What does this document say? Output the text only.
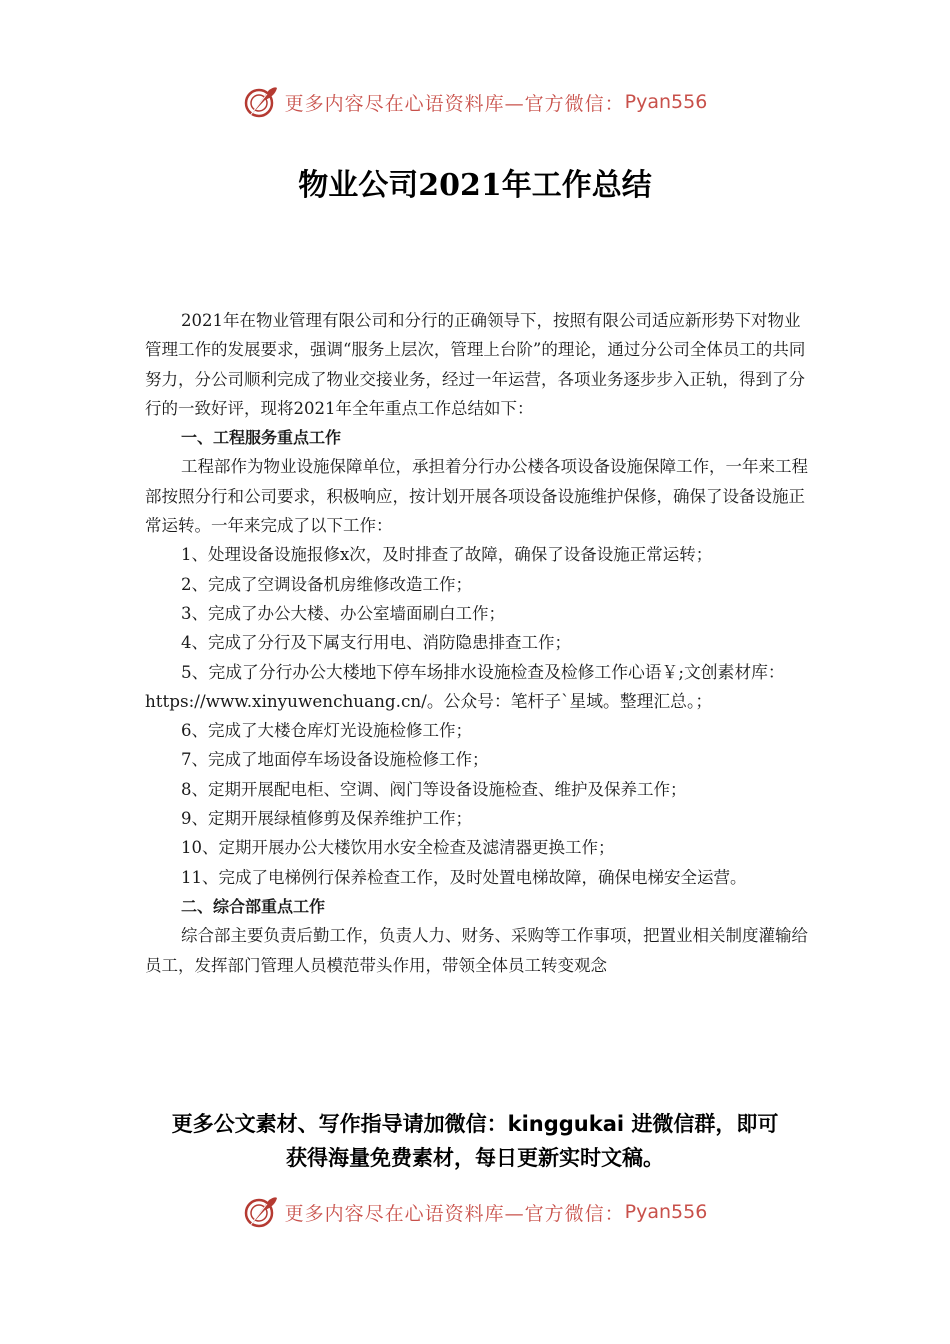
更多内容尽在心语资料库—官方微信： Pyan556
物业公司2021年工作总结

2021年在物业管理有限公司和分行的正确领导下，按照有限公司适应新形势下对物业管理工作的发展要求，强调“服务上层次，管理上台阶”的理论，通过分公司全体员工的共同努力，分公司顺利完成了物业交接业务，经过一年运营，各项业务逐步步入正轨，得到了分行的一致好评，现将2021年全年重点工作总结如下：

一、工程服务重点工作

工程部作为物业设施保障单位，承担着分行办公楼各项设备设施保障工作，一年来工程部按照分行和公司要求，积极响应，按计划开展各项设备设施维护保修，确保了设备设施正常运转。一年来完成了以下工作：

1、处理设备设施报修x次，及时排查了故障，确保了设备设施正常运转；

2、完成了空调设备机房维修改造工作；

3、完成了办公大楼、办公室墙面刷白工作；

4、完成了分行及下属支行用电、消防隐患排查工作；

5、完成了分行办公大楼地下停车场排水设施检查及检修工作心语￥;文创素材库：https://www.xinyuwenchuang.cn/。公众号：笔杆子`星域。整理汇总。；

6、完成了大楼仓库灯光设施检修工作；

7、完成了地面停车场设备设施检修工作；

8、定期开展配电柜、空调、阀门等设备设施检查、维护及保养工作；

9、定期开展绿植修剪及保养维护工作；

10、定期开展办公大楼饮用水安全检查及滤清器更换工作；

11、完成了电梯例行保养检查工作，及时处置电梯故障，确保电梯安全运营。

二、综合部重点工作

综合部主要负责后勤工作，负责人力、财务、采购等工作事项，把置业相关制度灌输给员工，发挥部门管理人员模范带头作用，带领全体员工转变观念

更多公文素材、写作指导请加微信：kinggukai 进微信群，即可
获得海量免费素材，每日更新实时文稿。
更多内容尽在心语资料库—官方微信： Pyan556
